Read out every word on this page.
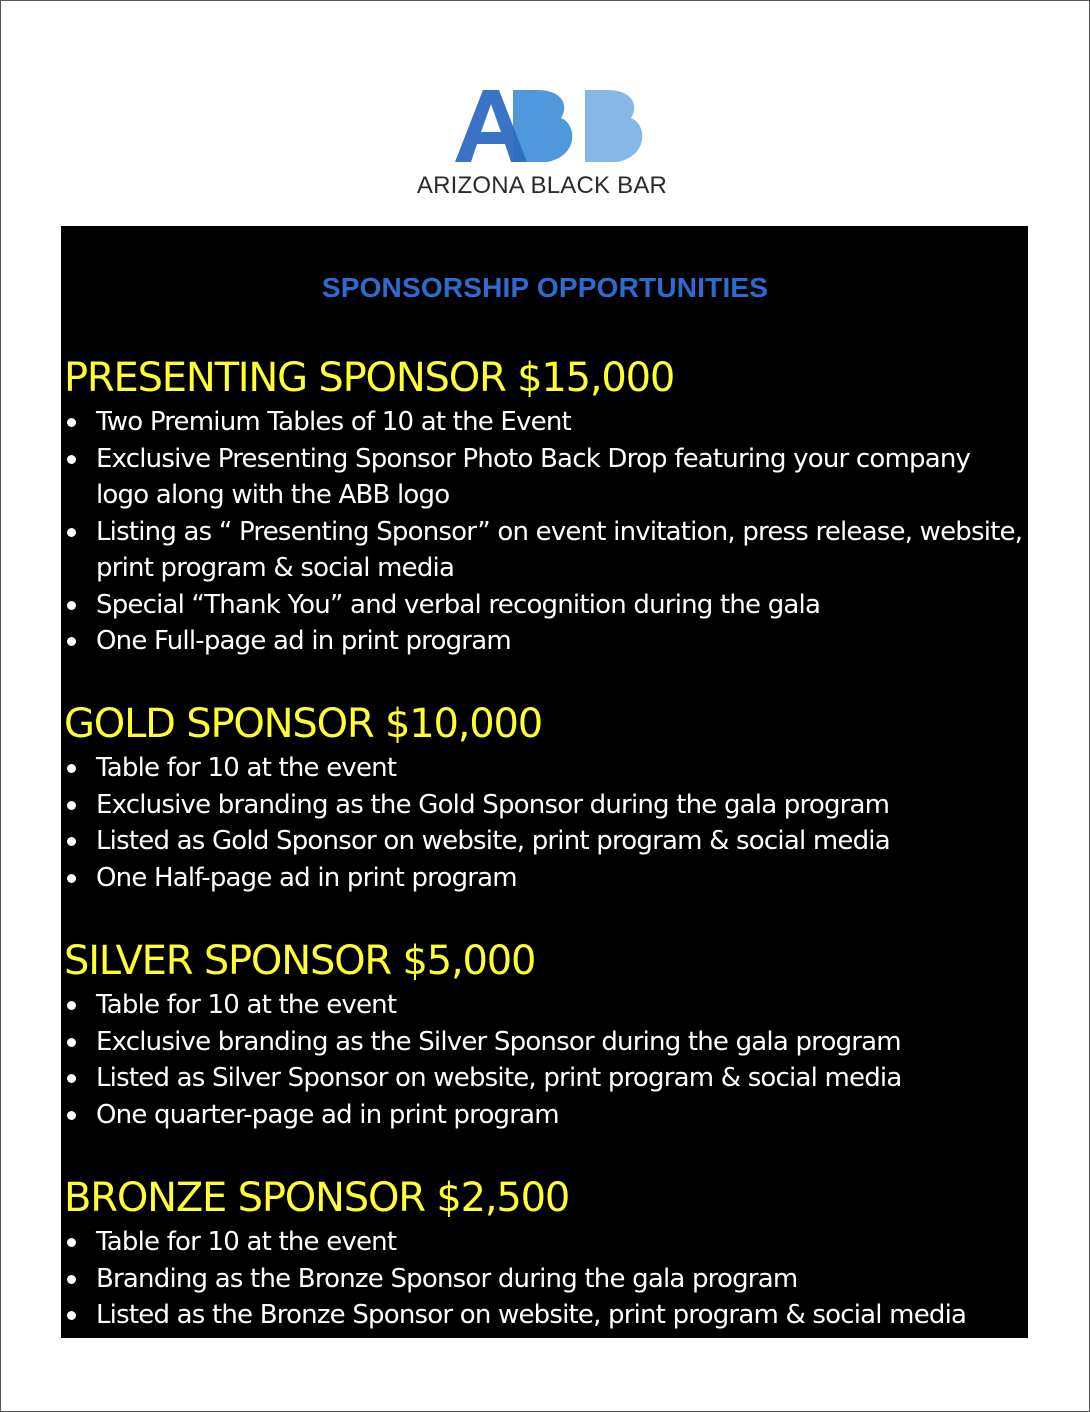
ARIZONA BLACK BAR
SPONSORSHIP OPPORTUNITIES
PRESENTING SPONSOR $15,000
Two Premium Tables of 10 at the Event
Exclusive Presenting Sponsor Photo Back Drop featuring your company logo along with the ABB logo
Listing as “ Presenting Sponsor” on event invitation, press release, website, print program & social media
Special “Thank You” and verbal recognition during the gala
One Full-page ad in print program
GOLD SPONSOR $10,000
Table for 10 at the event
Exclusive branding as the Gold Sponsor during the gala program
Listed as Gold Sponsor on website, print program & social media
One Half-page ad in print program
SILVER SPONSOR $5,000
Table for 10 at the event
Exclusive branding as the Silver Sponsor during the gala program
Listed as Silver Sponsor on website, print program & social media
One quarter-page ad in print program
BRONZE SPONSOR $2,500
Table for 10 at the event
Branding as the Bronze Sponsor during the gala program
Listed as the Bronze Sponsor on website, print program & social media
